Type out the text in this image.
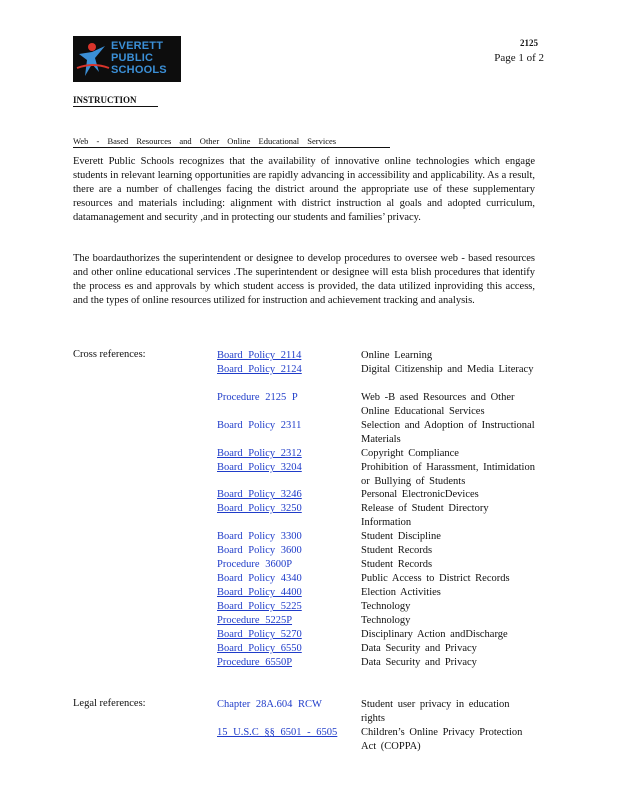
EVERETT PUBLIC SCHOOLS
2125
Page 1 of 2
INSTRUCTION
Web - Based Resources and Other Online Educational Services
Everett Public Schools recognizes that the availability of innovative online technologies which engage students in relevant learning opportunities are rapidly advancing in accessibility and applicability. As a result, there are a number of challenges facing the district around the appropriate use of these supplementary resources and materials including: alignment with district instruction al goals and adopted curriculum, datamanagement and security ,and in protecting our students and families’ privacy.
The boardauthorizes the superintendent or designee to develop procedures to oversee web - based resources and other online educational services .The superintendent or designee will esta blish procedures that identify the process es and approvals by which student access is provided, the data utilized inproviding this access, and the types of online resources utilized for instruction and achievement tracking and analysis.
Cross references:	Board Policy 2114	Online Learning
Board Policy 2124	Digital Citizenship and Media Literacy
Procedure 2125 P	Web -B ased Resources and Other Online Educational Services
Board Policy 2311	Selection and Adoption of Instructional Materials
Board Policy 2312	Copyright Compliance
Board Policy 3204	Prohibition of Harassment, Intimidation or Bullying of Students
Board Policy 3246	Personal ElectronicDevices
Board Policy 3250	Release of Student Directory Information
Board Policy 3300	Student Discipline
Board Policy 3600	Student Records
Procedure 3600P	Student Records
Board Policy 4340	Public Access to District Records
Board Policy 4400	Election Activities
Board Policy 5225	Technology
Procedure 5225P	Technology
Board Policy 5270	Disciplinary Action andDischarge
Board Policy 6550	Data Security and Privacy
Procedure 6550P	Data Security and Privacy
Legal references:	Chapter 28A.604 RCW	Student user privacy in education rights
15 U.S.C §§ 6501 - 6505	Children’s Online Privacy Protection Act (COPPA)
